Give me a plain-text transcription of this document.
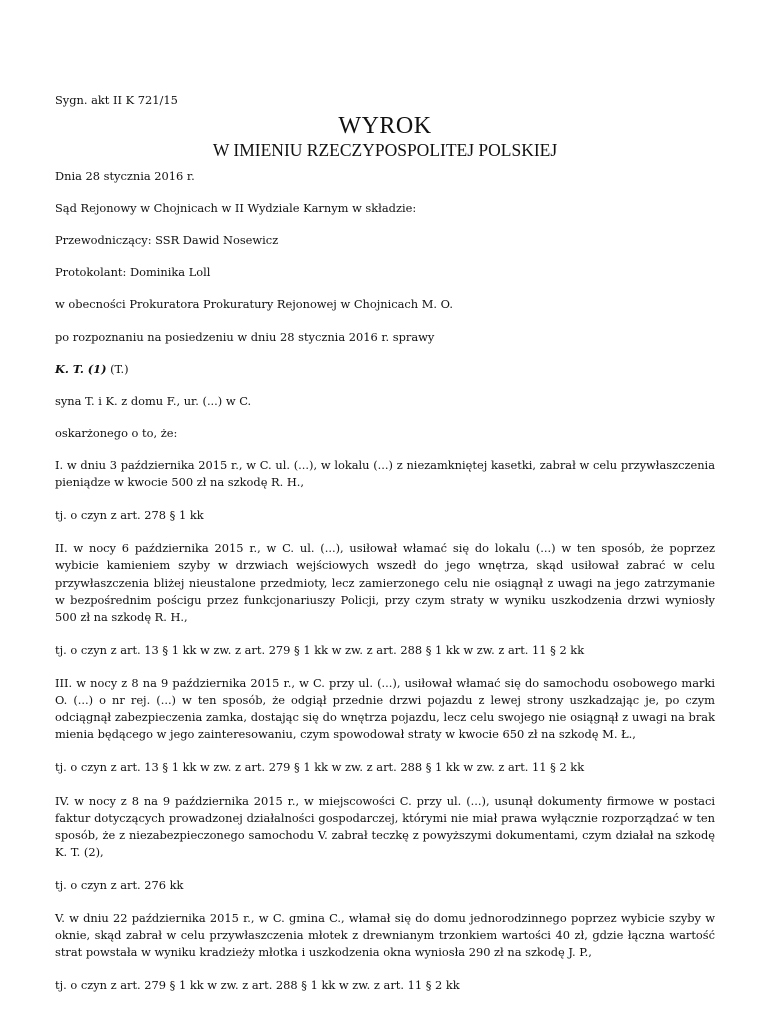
Sygn. akt II K 721/15

WYROK
W IMIENIU RZECZYPOSPOLITEJ POLSKIEJ

Dnia 28 stycznia 2016 r.

Sąd Rejonowy w Chojnicach w II Wydziale Karnym w składzie:

Przewodniczący: SSR Dawid Nosewicz

Protokolant: Dominika Loll

w obecności Prokuratora Prokuratury Rejonowej w Chojnicach M. O.

po rozpoznaniu na posiedzeniu w dniu 28 stycznia 2016 r. sprawy

K. T. (1) (T.)

syna T. i K. z domu F., ur. (...) w C.

oskarżonego o to, że:

I. w dniu 3 października 2015 r., w C. ul. (...), w lokalu (...) z niezamkniętej kasetki, zabrał w celu przywłaszczenia pieniądze w kwocie 500 zł na szkodę R. H.,

tj. o czyn z art. 278 § 1 kk

II. w nocy 6 października 2015 r., w C. ul. (...), usiłował włamać się do lokalu (...) w ten sposób, że poprzez wybicie kamieniem szyby w drzwiach wejściowych wszedł do jego wnętrza, skąd usiłował zabrać w celu przywłaszczenia bliżej nieustalone przedmioty, lecz zamierzonego celu nie osiągnął z uwagi na jego zatrzymanie w bezpośrednim pościgu przez funkcjonariuszy Policji, przy czym straty w wyniku uszkodzenia drzwi wyniosły 500 zł na szkodę R. H.,

tj. o czyn z art. 13 § 1 kk w zw. z art. 279 § 1 kk w zw. z art. 288 § 1 kk w zw. z art. 11 § 2 kk

III. w nocy z 8 na 9 października 2015 r., w C. przy ul. (...), usiłował włamać się do samochodu osobowego marki O. (...) o nr rej. (...) w ten sposób, że odgiął przednie drzwi pojazdu z lewej strony uszkadzając je, po czym odciągnął zabezpieczenia zamka, dostając się do wnętrza pojazdu, lecz celu swojego nie osiągnął z uwagi na brak mienia będącego w jego zainteresowaniu, czym spowodował straty w kwocie 650 zł na szkodę M. Ł.,

tj. o czyn z art. 13 § 1 kk w zw. z art. 279 § 1 kk w zw. z art. 288 § 1 kk w zw. z art. 11 § 2 kk

IV. w nocy z 8 na 9 października 2015 r., w miejscowości C. przy ul. (...), usunął dokumenty firmowe w postaci faktur dotyczących prowadzonej działalności gospodarczej, którymi nie miał prawa wyłącznie rozporządzać w ten sposób, że z niezabezpieczonego samochodu V. zabrał teczkę z powyższymi dokumentami, czym działał na szkodę K. T. (2),

tj. o czyn z art. 276 kk

V. w dniu 22 października 2015 r., w C. gmina C., włamał się do domu jednorodzinnego poprzez wybicie szyby w oknie, skąd zabrał w celu przywłaszczenia młotek z drewnianym trzonkiem wartości 40 zł, gdzie łączna wartość strat powstała w wyniku kradzieży młotka i uszkodzenia okna wyniosła 290 zł na szkodę J. P.,

tj. o czyn z art. 279 § 1 kk w zw. z art. 288 § 1 kk w zw. z art. 11 § 2 kk
